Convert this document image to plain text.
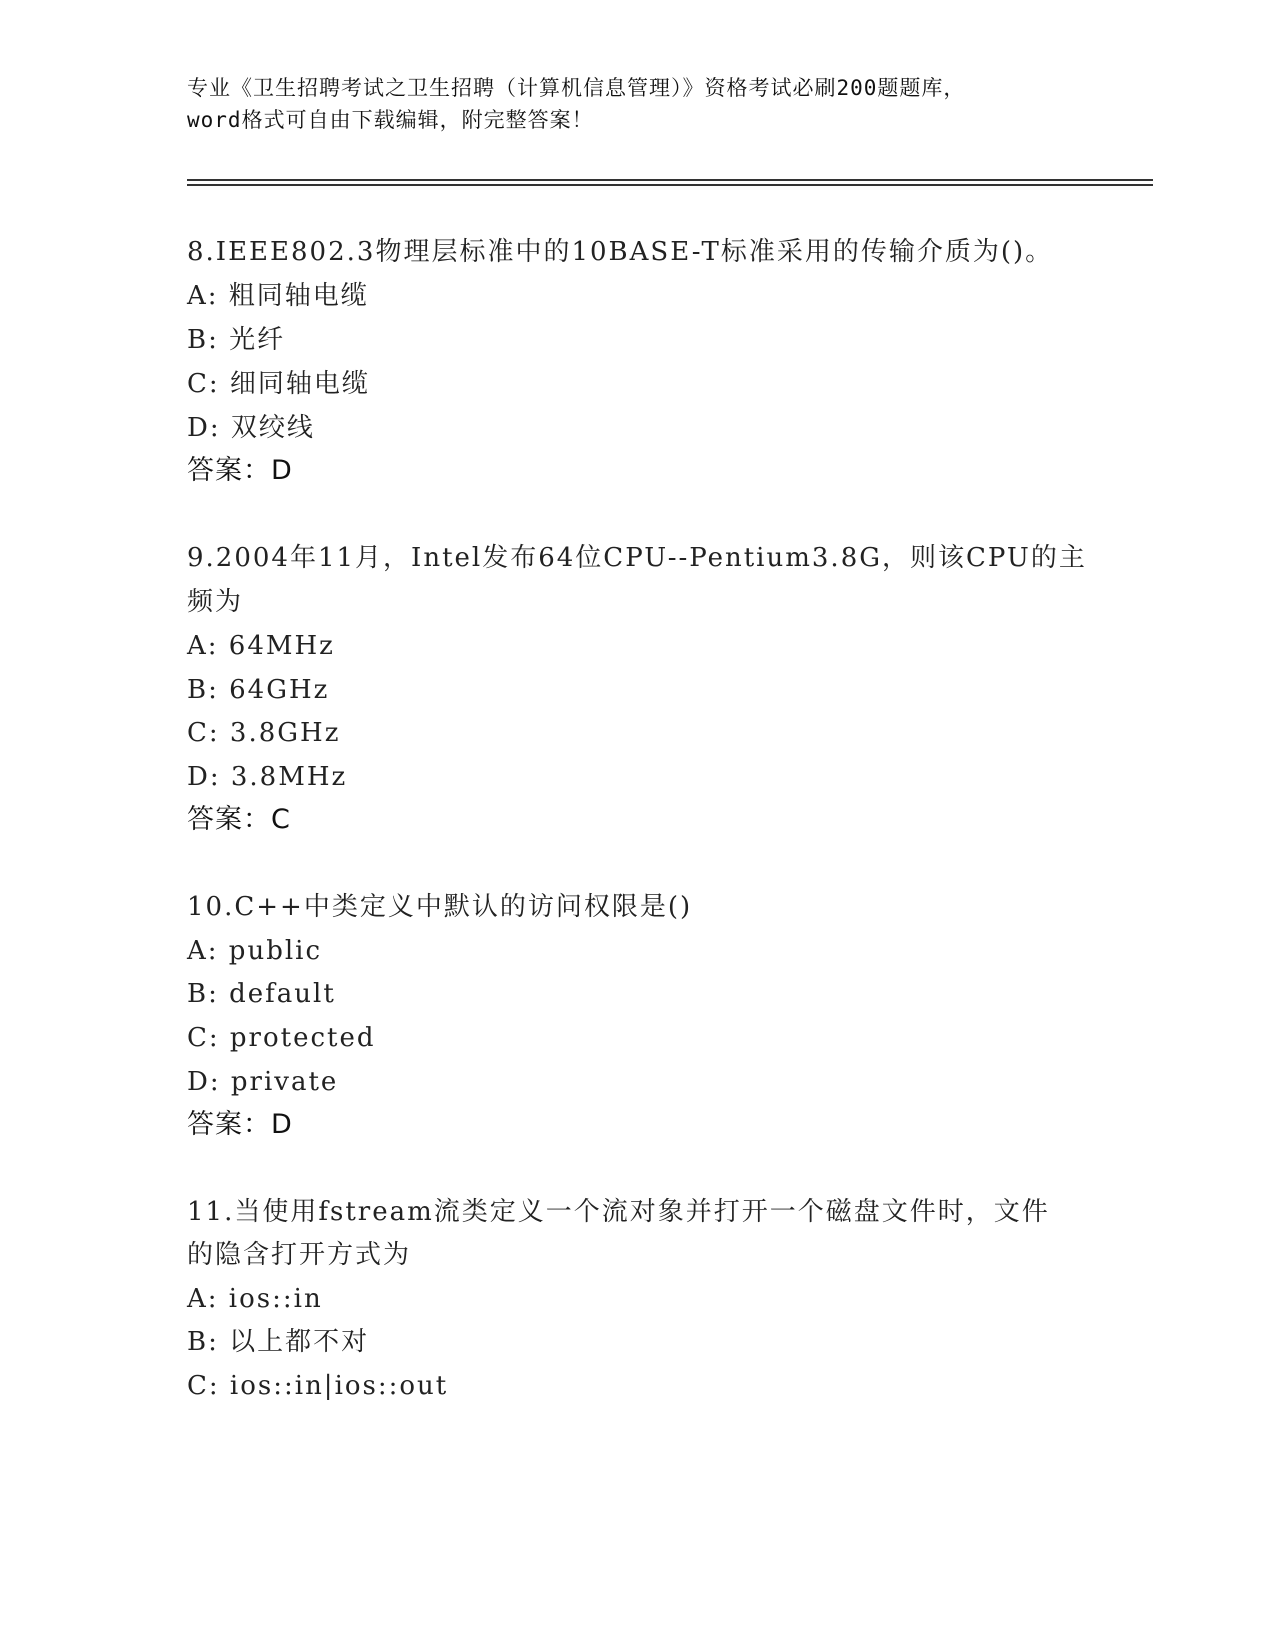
专业《卫生招聘考试之卫生招聘（计算机信息管理）》资格考试必刷200题题库，
word格式可自由下载编辑，附完整答案！
8.IEEE802.3物理层标准中的10BASE-T标准采用的传输介质为()。
A: 粗同轴电缆
B: 光纤
C: 细同轴电缆
D: 双绞线
答案：D
9.2004年11月，Intel发布64位CPU--Pentium3.8G，则该CPU的主
频为
A: 64MHz
B: 64GHz
C: 3.8GHz
D: 3.8MHz
答案：C
10.C++中类定义中默认的访问权限是()
A: public
B: default
C: protected
D: private
答案：D
11.当使用fstream流类定义一个流对象并打开一个磁盘文件时，文件
的隐含打开方式为
A: ios::in
B: 以上都不对
C: ios::in|ios::out
